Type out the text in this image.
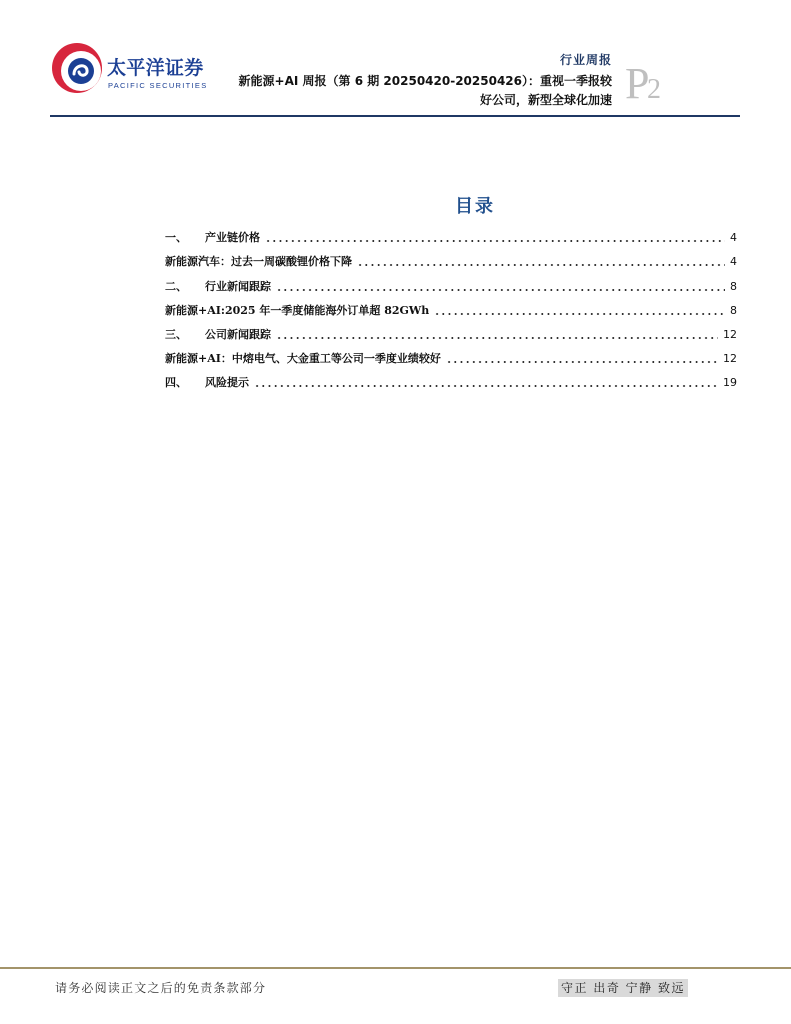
太平洋证券
PACIFIC SECURITIES
行业周报
新能源+AI 周报（第 6 期 20250420-20250426）：重视一季报较
好公司，新型全球化加速 P
2
目录
一、	产业链价格	4
新能源汽车：过去一周碳酸锂价格下降	4
二、	行业新闻跟踪	8
新能源+AI:2025 年一季度储能海外订单超 82GWh	8
三、	公司新闻跟踪	12
新能源+AI：中熔电气、大金重工等公司一季度业绩较好	12
四、	风险提示	19
请务必阅读正文之后的免责条款部分	守正 出奇 宁静 致远
